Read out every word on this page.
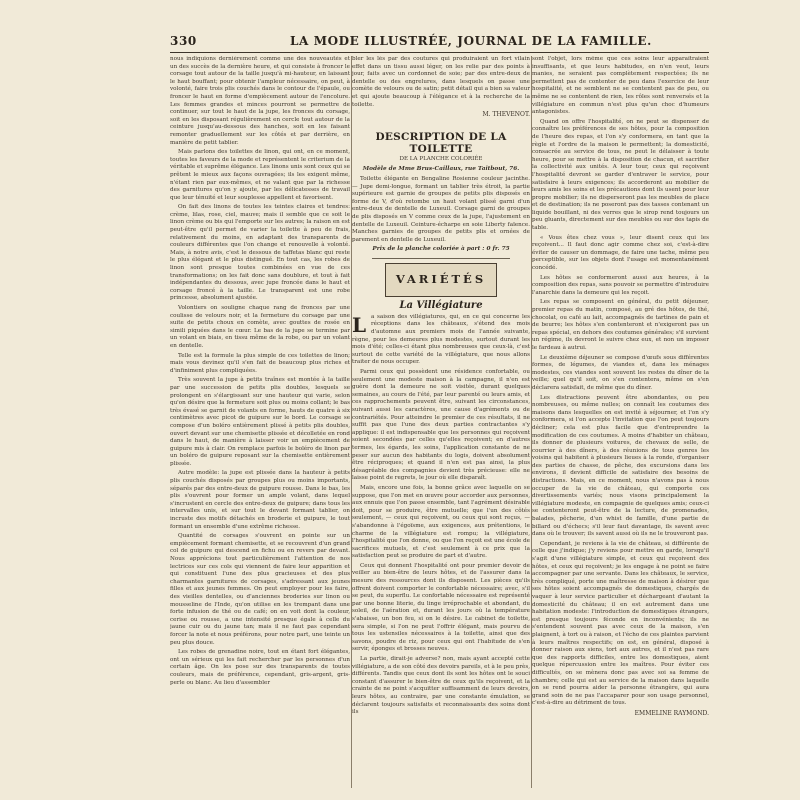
330	LA MODE ILLUSTRÉE, JOURNAL DE LA FAMILLE.

nous indiquions dernièrement comme une des nouveautés et un des succès de la dernière heure, et qui consiste à froncer le corsage tout autour de la taille jusqu'à mi-hauteur, en laissant le haut bouffant; pour obtenir l'ampleur nécessaire, on peut, à volonté, faire trois plis couchés dans le contour de l'épaule, ou froncer le haut en forme d'empiècement autour de l'encolure. Les femmes grandes et minces pourront se permettre de continuer, sur tout le haut de la jupe, les fronces du corsage, soit en les disposant régulièrement en cercle tout autour de la ceinture jusqu'au-dessous des hanches, soit en les faisant remonter graduellement sur les côtés et par derrière, en manière de petit tablier.

Mais parlons des toilettes de linon, qui ont, en ce moment, toutes les faveurs de la mode et représentent le criterium de la véritable et suprême élégance. Les linons unis sont ceux qui se prêtent le mieux aux façons ouvragées; ils les exigent même, n'étant rien par eux-mêmes, et ne valant que par la richesse des garnitures qu'on y ajoute, par les délicatesses de travail que leur ténuité et leur souplesse appellent et favorisent.

On fait des linons de toutes les teintes claires et tendres: crème, lilas, rose, ciel, mauve; mais il semble que ce soit le linon crème ou bis qui l'emporte sur les autres; la raison en est peut-être qu'il permet de varier la toilette à peu de frais, relativement du moins, en adaptant des transparents de couleurs différentes que l'on change et renouvelle à volonté. Mais, à notre avis, c'est le dessous de taffetas blanc qui reste le plus élégant et le plus distingué. En tout cas, les robes de linon sont presque toutes combinées en vue de ces transformations; on les fait donc sans doublure, et tout à fait indépendantes du dessous, avec jupe froncée dans le haut et corsage froncé à la taille. Le transparent est une robe princesse, absolument ajustée.

Volontiers on souligne chaque rang de fronces par une coulisse de velours noir, et la fermeture du corsage par une suite de petits choux en comète, avec gouttes de rosée en simili piquées dans le cœur. Le bas de la jupe se termine par un volant en biais, en tissu même de la robe, ou par un volant en dentelle.

Telle est la formule la plus simple de ces toilettes de linon; mais vous devinez qu'il s'en fait de beaucoup plus riches et d'infiniment plus compliquées.

Très souvent la jupe à petits traînes est montée à la taille par une succession de petits plis doubles, lesquels se prolongent en s'élargissant sur une hauteur qui varie, selon qu'on désire que la fermeture soit plus ou moins collant; le bas très évasé se garnit de volants en forme, hauts de quatre à six centimètres avec picot de guipure sur le bord. Le corsage se compose d'un boléro entièrement plissé à petits plis doubles, ouvert devant sur une chemisette plissée et décolletée en rond dans le haut, de manière à laisser voir un empiècement de guipure mis à clair. On remplace parfois le boléro de linon par un boléro de guipure reposant sur la chemisette entièrement plissée.

Autre modèle: la jupe est plissée dans la hauteur à petits plis couchés disposés par groupes plus ou moins importants, séparés par des entre-deux de guipure rousse. Dans le bas, les plis s'ouvrent pour former un ample volant, dans lequel s'incrustent en cercle des entre-deux de guipure; dans tous les intervalles unis, et sur tout le devant formant tablier, on incruste des motifs détachés en broderie et guipure, le tout formant un ensemble d'une extrême richesse.

Quantité de corsages s'ouvrent en pointe sur un empiècement formant chemisette, et se recouvrent d'un grand col de guipure qui descend en fichu ou en revers par devant. Nous apprécions tout particulièrement l'attention de nos lectrices sur ces cols qui viennent de faire leur apparition et qui constituent l'une des plus gracieuses et des plus charmantes garnitures de corsages, s'adressant aux jeunes filles et aux jeunes femmes. On peut employer pour les faire, des vieilles dentelles, ou d'anciennes broderies sur linon ou mousseline de l'Inde, qu'on utilise en les trempant dans une forte infusion de thé ou de café; on en voit dont la couleur, cerise ou rousse, a une intensité presque égale à celle du jaune cuir ou du jaune tan; mais il ne faut pas cependant forcer la note et nous préférons, pour notre part, une teinte un peu plus douce.

Les robes de grenadine noire, tout en étant fort élégantes, ont un sérieux qui les fait rechercher par les personnes d'un certain âge. On les pose sur des transparents de toutes couleurs, mais de préférence, cependant, gris-argent, gris-perle ou blanc. Au lieu d'assembler

bler les lés par des coutures qui produiraient un fort vilain effet dans un tissu aussi léger, on les relie par des points à jour, faits avec un cordonnet de soie; par des entre-deux de dentelle ou des engrelures, dans lesquels on passe une comète de velours ou de satin; petit détail qui a bien sa valeur et qui ajoute beaucoup à l'élégance et à la recherche de la toilette.

M. THEVENOT.
DESCRIPTION DE LA TOILETTE
DE LA PLANCHE COLORIÉE
Modèle de Mme Brus-Caillaux, rue Taitbout, 76.

Toilette élégante en Bengaline Rosienne couleur jacinthe. — Jupe demi-longue, formant un tablier très étroit, la partie supérieure est garnie de groupes de petits plis disposés en forme de V, d'où retombe un haut volant plissé garni d'un entre-deux de dentelle de Luxeuil. Corsage garni de groupes de plis disposés en V comme ceux de la jupe, l'ajustement en dentelle de Luxeuil. Ceinture-écharpe en soie Liberty faïence. Manches garnies de groupes de petits plis et ornées de parement en dentelle de Luxeuil.

Prix de la planche coloriée à part : 0 fr. 75
VARIÉTÉS
La Villégiature
L a saison des villégiatures, qui, en ce qui concerne les réceptions dans les châteaux, s'étend des mois d'automne aux premiers mois de l'année suivante, règne, pour les demeures plus modestes, surtout durant les mois d'été; celles-ci étant plus nombreuses que ceux-là, c'est surtout de cette variété de la villégiature, que nous allons traiter de nous occuper.

Parmi ceux qui possèdent une résidence confortable, ou seulement une modeste maison à la campagne, il n'en est guère dont la demeure ne soit visitée, durant quelques semaines, au cours de l'été, par leur parenté ou leurs amis, et ces rapprochements peuvent être, suivant les circonstances, suivant aussi les caractères, une cause d'agréments ou de contrariétés. Pour atteindre le premier de ces résultats, il ne suffit pas que l'une des deux parties contractantes s'y applique: il est indispensable que les personnes qui reçoivent soient secondées par celles qu'elles reçoivent; en d'autres termes, les égards, les soins, l'application constante de ne peser sur aucun des habitants du logis, doivent absolument être réciproques; et quand il n'en est pas ainsi, la plus désagréable des compagnies devient très précieuse: elle ne laisse point de regrets, le jour où elle disparaît.

Mais, encore une fois, la bonne grâce avec laquelle on se suppose, que l'on met en œuvre pour accorder aux personnes, aux ennuis que l'on passe ensemble, tant l'agrément désirable doit, pour se produire, être mutuelle; que l'un des côtés seulement, — ceux qui reçoivent, ou ceux qui sont reçus, — s'abandonne à l'égoïsme, aux exigences, aux prétentions, le charme de la villégiature est rompu; la villégiature, l'hospitalité que l'on donne, ou que l'on reçoit est une école de sacrifices mutuels, et c'est seulement à ce prix que la satisfaction peut se produire de part et d'autre.

Ceux qui donnent l'hospitalité ont pour premier devoir de veiller au bien-être de leurs hôtes, et de l'assurer dans la mesure des ressources dont ils disposent. Les pièces qu'ils offrent doivent comporter le confortable nécessaire; avec, s'il se peut, du superflu. Le confortable nécessaire est représenté par une bonne literie, du linge irréprochable et abondant, du soleil, de l'aération et, durant les jours où la température s'abaisse, un bon feu, si on le désire. Le cabinet de toilette, sera simple, si l'on ne peut l'offrir élégant, mais pourvu de tous les ustensiles nécessaires à la toilette, ainsi que des savons, poudre de riz, pour ceux qui ont l'habitude de s'en servir, éponges et brosses neuves.

La partie, dirait-je adverse? non, mais ayant accepté cette villégiature, a de son côté des devoirs pareils, et à le peu près, différents. Tandis que ceux dont ils sont les hôtes ont le souci constant d'assurer le bien-être de ceux qu'ils reçoivent, et la crainte de ne point s'acquitter suffisamment de leurs devoirs, leurs hôtes, au contraire, par une constante émulation, se déclarent toujours satisfaits et reconnaissants des soins dont ils

sont l'objet, lors même que ces soins leur apparaîtraient insuffisants, et que leurs habitudes, en n'en veut, leurs manies, ne seraient pas complètement respectées; ils ne permettent pas de contenter de peu dans l'exercice de leur hospitalité, et ne semblent ne se contentent pas de peu, ou même ne se contentent de rien, les rôles sont renversés et la villégiature en commun n'est plus qu'un choc d'humeurs antagonistes.

Quand on offre l'hospitalité, on ne peut se dispenser de connaître les préférences de ses hôtes, pour la composition de l'heure des repas, et l'on s'y conformera, en tant que la règle et l'ordre de la maison le permettent; la domesticité, consacrée au service de tous, ne peut le délaisser à toute heure, pour se mettre à la disposition de chacun, et sacrifier la collectivité aux unités. A leur tour, ceux qui reçoivent l'hospitalité devront se garder d'entraver le service, pour satisfaire à leurs exigences; ils accorderont au mobilier de leurs amis les soins et les précautions dont ils usent pour leur propre mobilier; ils ne disperseront pas les meubles de place et de destination; ils ne poseront pas des tasses contenant un liquide bouillant, ni des verres que le sirop rend toujours un peu gluants, directement sur des meubles ou sur des tapis de table.

« Vous êtes chez vous », leur disent ceux qui les reçoivent... Il faut donc agir comme chez soi, c'est-à-dire éviter de causer un dommage, de faire une tache, même peu perceptible, sur les objets dont l'usage est momentanément concédé.

Les hôtes se conformeront aussi aux heures, à la composition des repas, sans pouvoir se permettre d'introduire l'anarchie dans la demeure qui les reçoit.

Les repas se composent en général, du petit déjeuner, premier repas du matin, composé, au gré des hôtes, de thé, chocolat, ou café au lait, accompagnés de tartines de pain et de beurre; les hôtes s'en contenteront et n'exigeront pas un repas spécial, en dehors des coutumes générales; s'il survient un régime, ils devront le suivre chez eux, et non un imposer le fardeau à autrui.

Le deuxième déjeuner se compose d'œufs sous différentes formes, de légumes, de viandes et, dans les ménages modestes, ces viandes sont souvent les restes du dîner de la veille; quel qu'il soit, on s'en contentera, même on s'en déclarera satisfait, de même que du dîner.

Les distractions peuvent être abondantes, ou peu nombreuses, ou même nulles; on connaît les coutumes des maisons dans lesquelles on est invité à séjourner, et l'on s'y conformera, si l'on accepte l'invitation que l'on peut toujours décliner; cela est plus facile que d'entreprendre la modification de ces coutumes. A moins d'habiter un château, ils donner de plusieurs voitures, de chevaux de selle, de courrier à des dîners, à des réunions de tous genres les voisins qui habitent à plusieurs lieues à la ronde, d'organiser des parties de chasse, de pêche, des excursions dans les environs, il devient difficile de satisfaire des besoins de distractions. Mais, en ce moment, nous n'avons pas à nous occuper de la vie de château, qui comporte ces divertissements variés; nous visons principalement la villégiature modeste, en compagnie de quelques amis; ceux-ci se contenteront peut-être de la lecture, de promenades, balades, pêcherie, d'un whist de famille, d'une partie de billard ou d'échecs; s'il leur faut davantage, ils savent avec dans où le trouver; ils savent aussi où ils ne le trouveront pas.

Cependant, je reviens à la vie de château, si différente de celle que j'indique; j'y reviens pour mettre en garde, lorsqu'il s'agit d'une villégiature simple, et ceux qui reçoivent des hôtes, et ceux qui reçoivent; je les engage à ne point se faire accompagner par une servante. Dans les châteaux, le service, très compliqué, porte une maîtresse de maison à désirer que ses hôtes soient accompagnés de domestiques, chargés de vaquer à leur service particulier et déchargeant d'autant la domesticité du château; il en est autrement dans une habitation modeste: l'introduction de domestiques étrangers, est presque toujours féconde en inconvénients; ils ne s'entendent souvent pas avec ceux de la maison, s'en plaignent, à tort ou à raison, et l'écho de ces plaintes parvient à leurs maîtres respectifs; on est, en général, disposé à donner raison aux siens, tort aux autres, et il n'est pas rare que des rapports difficiles, entre les domestiques, aient quelque répercussion entre les maîtres. Pour éviter ces difficultés, on se mènera donc pas avec soi sa femme de chambre; celle qui est au service de la maison dans laquelle on se rend pourra aider la personne étrangère, qui aura grand soin de ne pas l'accaparer pour son usage personnel, c'est-à-dire au détriment de tous.

EMMELINE RAYMOND.
